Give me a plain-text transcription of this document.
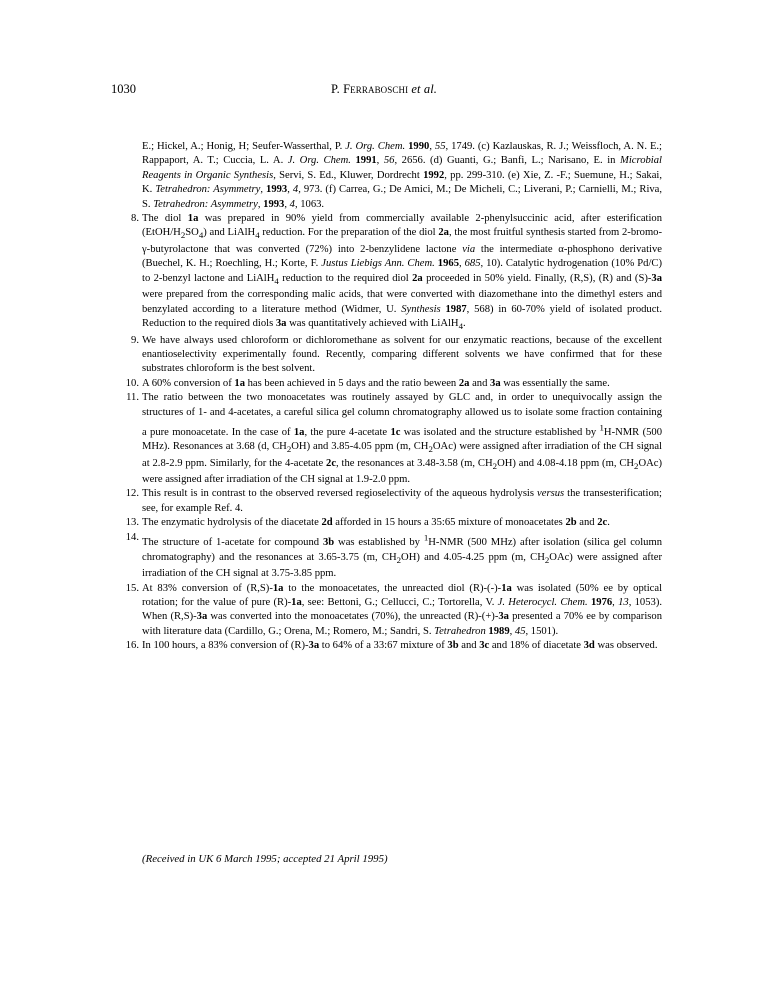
1030	P. Ferraboschi et al.

E.; Hickel, A.; Honig, H; Seufer-Wasserthal, P. J. Org. Chem. 1990, 55, 1749. (c) Kazlauskas, R. J.; Weissfloch, A. N. E.; Rappaport, A. T.; Cuccia, L. A. J. Org. Chem. 1991, 56, 2656. (d) Guanti, G.; Banfi, L.; Narisano, E. in Microbial Reagents in Organic Synthesis, Servi, S. Ed., Kluwer, Dordrecht 1992, pp. 299-310. (e) Xie, Z. -F.; Suemune, H.; Sakai, K. Tetrahedron: Asymmetry, 1993, 4, 973. (f) Carrea, G.; De Amici, M.; De Micheli, C.; Liverani, P.; Carnielli, M.; Riva, S. Tetrahedron: Asymmetry, 1993, 4, 1063.

8. The diol 1a was prepared in 90% yield from commercially available 2-phenylsuccinic acid, after esterification $(EtOH/H_2SO_4)$ and LiAlH$_4$ reduction. For the preparation of the diol 2a, the most fruitful synthesis started from 2-bromo-γ-butyrolactone that was converted (72%) into 2-benzylidene lactone via the intermediate α-phosphono derivative (Buechel, K. H.; Roechling, H.; Korte, F. Justus Liebigs Ann. Chem. 1965, 685, 10). Catalytic hydrogenation (10% Pd/C) to 2-benzyl lactone and LiAlH$_4$ reduction to the required diol 2a proceeded in 50% yield. Finally, (R,S), (R) and (S)-3a were prepared from the corresponding malic acids, that were converted with diazomethane into the dimethyl esters and benzylated according to a literature method (Widmer, U. Synthesis 1987, 568) in 60-70% yield of isolated product. Reduction to the required diols 3a was quantitatively achieved with LiAlH$_4$.

9. We have always used chloroform or dichloromethane as solvent for our enzymatic reactions, because of the excellent enantioselectivity experimentally found. Recently, comparing different solvents we have confirmed that for these substrates chloroform is the best solvent.

10. A 60% conversion of 1a has been achieved in 5 days and the ratio beween 2a and 3a was essentially the same.

11. The ratio between the two monoacetates was routinely assayed by GLC and, in order to unequivocally assign the structures of 1- and 4-acetates, a careful silica gel column chromatography allowed us to isolate some fraction containing a pure monoacetate. In the case of 1a, the pure 4-acetate 1c was isolated and the structure established by $^1$H-NMR (500 MHz). Resonances at 3.68 (d, $CH_2OH$) and 3.85-4.05 ppm (m, $CH_2OAc$) were assigned after irradiation of the CH signal at 2.8-2.9 ppm. Similarly, for the 4-acetate 2c, the resonances at 3.48-3.58 (m, $CH_2OH$) and 4.08-4.18 ppm (m, $CH_2OAc$) were assigned after irradiation of the CH signal at 1.9-2.0 ppm.

12. This result is in contrast to the observed reversed regioselectivity of the aqueous hydrolysis versus the transesterification; see, for example Ref. 4.

13. The enzymatic hydrolysis of the diacetate 2d afforded in 15 hours a 35:65 mixture of monoacetates 2b and 2c.

14.
The structure of 1-acetate for compound 3b was established by $^1$H-NMR (500 MHz) after isolation (silica gel column chromatography) and the resonances at 3.65-3.75 (m, $CH_2OH$) and 4.05-4.25 ppm (m, $CH_2OAc$) were assigned after irradiation of the CH signal at 3.75-3.85 ppm.

15. At 83% conversion of (R,S)-1a to the monoacetates, the unreacted diol (R)-(-)-1a was isolated (50% ee by optical rotation; for the value of pure (R)-1a, see: Bettoni, G.; Cellucci, C.; Tortorella, V. J. Heterocycl. Chem. 1976, 13, 1053). When (R,S)-3a was converted into the monoacetates (70%), the unreacted (R)-(+)-3a presented a 70% ee by comparison with literature data (Cardillo, G.; Orena, M.; Romero, M.; Sandri, S. Tetrahedron 1989, 45, 1501).

16. In 100 hours, a 83% conversion of (R)-3a to 64% of a 33:67 mixture of 3b and 3c and 18% of diacetate 3d was observed.

(Received in UK 6 March 1995; accepted 21 April 1995)
